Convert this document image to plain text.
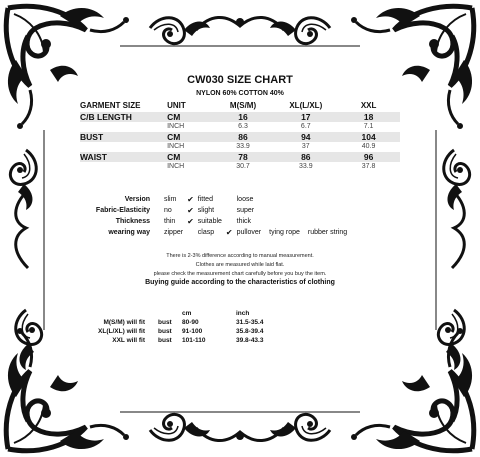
CW030 SIZE CHART
NYLON 60% COTTON 40%
GARMENT SIZE	UNIT	M(S/M)	XL(L/XL)	XXL
C/B LENGTH	CM	16	17	18
	INCH	6.3	6.7	7.1
BUST	CM	86	94	104
	INCH	33.9	37	40.9
WAIST	CM	78	86	96
	INCH	30.7	33.9	37.8
Version		slim	✔	fitted		loose				
Fabric-Elasticity		no	✔	slight		super				
Thickness		thin	✔	suitable		thick				
wearing way		zipper		clasp	✔	pullover		tying rope		rubber string
There is 2-3% difference according to manual measurement.
Clothes are measured while laid flat.
please check the measurement chart carefully before you buy the item.
Buying guide according to the characteristics of clothing
		cm	inch
M(S/M) will fit	bust	80-90	31.5-35.4
XL(L/XL) will fit	bust	91-100	35.8-39.4
XXL will fit	bust	101-110	39.8-43.3
